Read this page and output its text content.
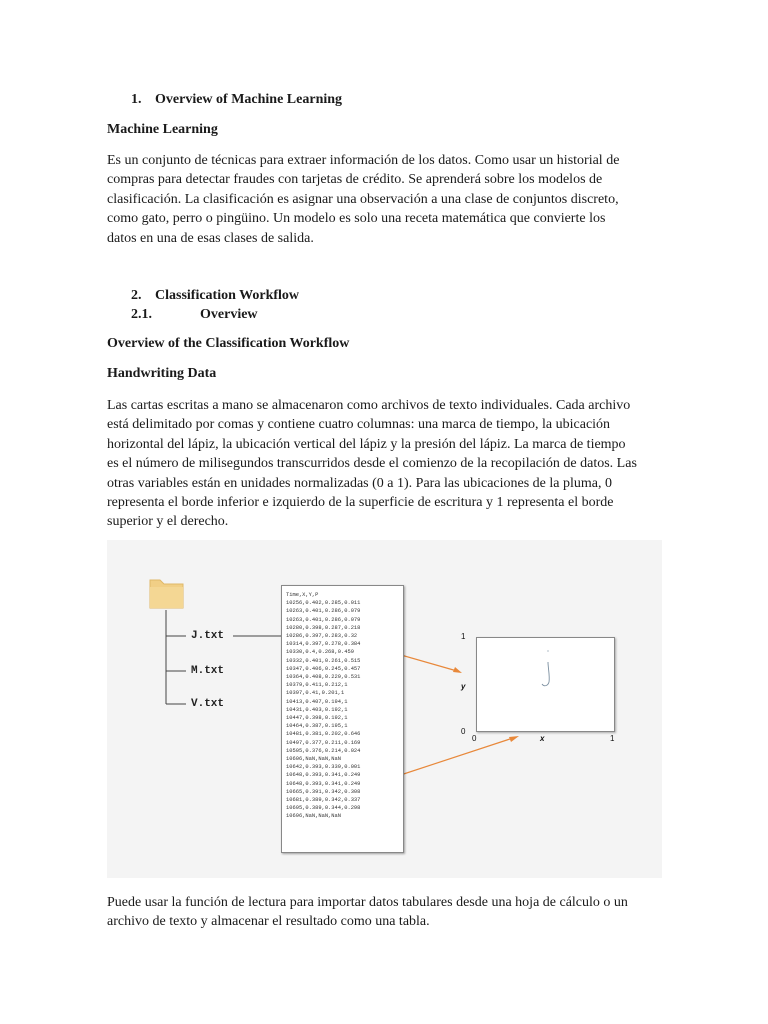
1. Overview of Machine Learning
Machine Learning
Es un conjunto de técnicas para extraer información de los datos. Como usar un historial de compras para detectar fraudes con tarjetas de crédito. Se aprenderá sobre los modelos de clasificación. La clasificación es asignar una observación a una clase de conjuntos discreto, como gato, perro o pingüino. Un modelo es solo una receta matemática que convierte los datos en una de esas clases de salida.
2. Classification Workflow
2.1.	Overview
Overview of the Classification Workflow
Handwriting Data
Las cartas escritas a mano se almacenaron como archivos de texto individuales. Cada archivo está delimitado por comas y contiene cuatro columnas: una marca de tiempo, la ubicación horizontal del lápiz, la ubicación vertical del lápiz y la presión del lápiz. La marca de tiempo es el número de milisegundos transcurridos desde el comienzo de la recopilación de datos. Las otras variables están en unidades normalizadas (0 a 1). Para las ubicaciones de la pluma, 0 representa el borde inferior e izquierdo de la superficie de escritura y 1 representa el borde superior y el derecho.
J.txt
M.txt
V.txt
Time,X,Y,P
10256,0.402,0.285,0.011
10263,0.401,0.286,0.079
10263,0.401,0.286,0.079
10280,0.398,0.287,0.218
10286,0.397,0.283,0.32
10314,0.397,0.278,0.384
10330,0.4,0.268,0.459
10332,0.401,0.261,0.515
10347,0.406,0.245,0.457
10364,0.408,0.229,0.531
10379,0.411,0.212,1
10397,0.41,0.201,1
10413,0.407,0.194,1
10431,0.403,0.192,1
10447,0.398,0.192,1
10464,0.387,0.195,1
10481,0.381,0.202,0.646
10497,0.377,0.211,0.169
10505,0.376,0.214,0.024
10606,NaN,NaN,NaN
10642,0.393,0.339,0.001
10648,0.393,0.341,0.249
10648,0.393,0.341,0.249
10665,0.391,0.342,0.308
10681,0.389,0.342,0.337
10695,0.389,0.344,0.298
10696,NaN,NaN,NaN
1
y
0
0	x	1
Puede usar la función de lectura para importar datos tabulares desde una hoja de cálculo o un archivo de texto y almacenar el resultado como una tabla.
